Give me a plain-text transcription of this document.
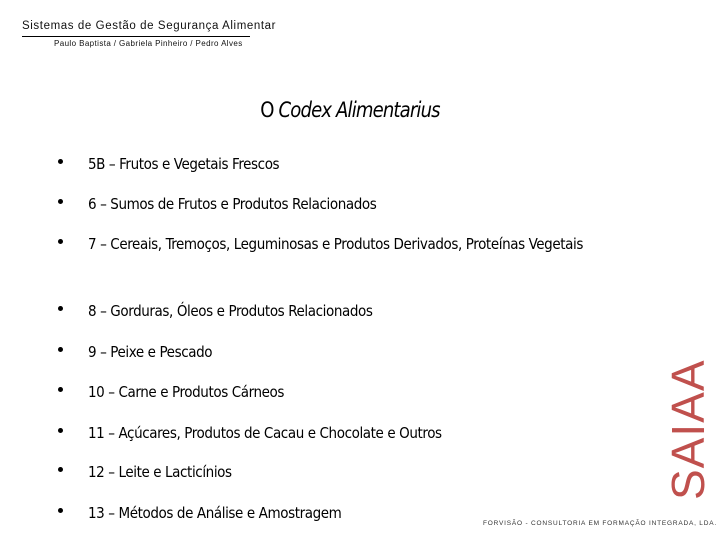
Sistemas de Gestão de Segurança Alimentar
Paulo Baptista / Gabriela Pinheiro / Pedro Alves
O Codex Alimentarius
5B – Frutos e Vegetais Frescos
6 – Sumos de Frutos e Produtos Relacionados
7 – Cereais, Tremoços, Leguminosas e Produtos Derivados, Proteínas Vegetais
8 – Gorduras, Óleos e Produtos Relacionados
9 – Peixe e Pescado
10 – Carne e Produtos Cárneos
11 – Açúcares, Produtos de Cacau e Chocolate e Outros
12 – Leite e Lacticínios
13 – Métodos de Análise e Amostragem
SAIAA
FORVISÃO - CONSULTORIA EM FORMAÇÃO INTEGRADA, LDA.
